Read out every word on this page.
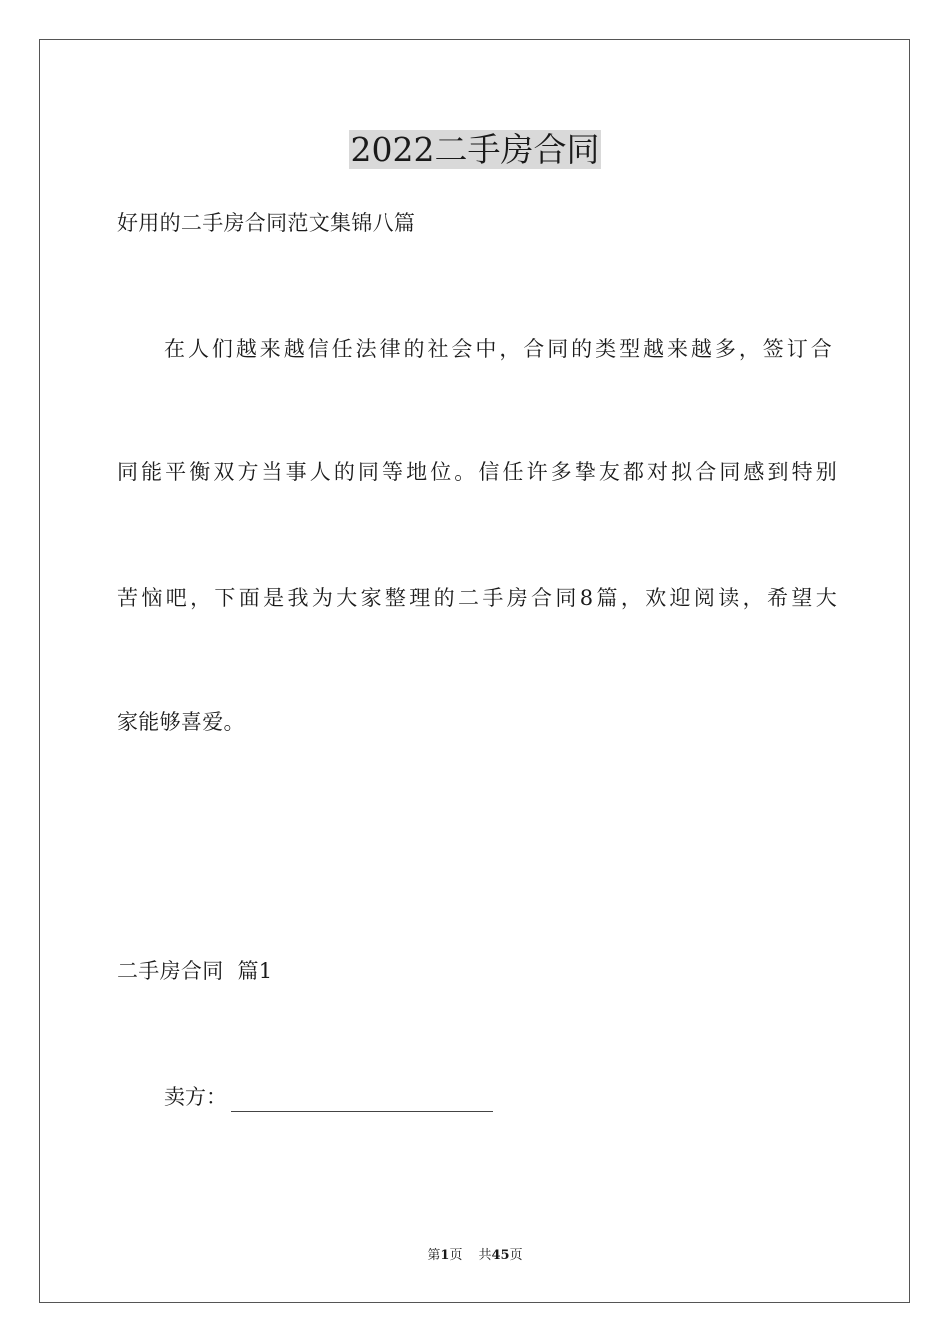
2022二手房合同
好用的二手房合同范文集锦八篇
在人们越来越信任法律的社会中，合同的类型越来越多，签订合
同能平衡双方当事人的同等地位。信任许多挚友都对拟合同感到特别
苦恼吧，下面是我为大家整理的二手房合同8篇，欢迎阅读，希望大
家能够喜爱。
二手房合同  篇1
卖方：
第1页 共45页
